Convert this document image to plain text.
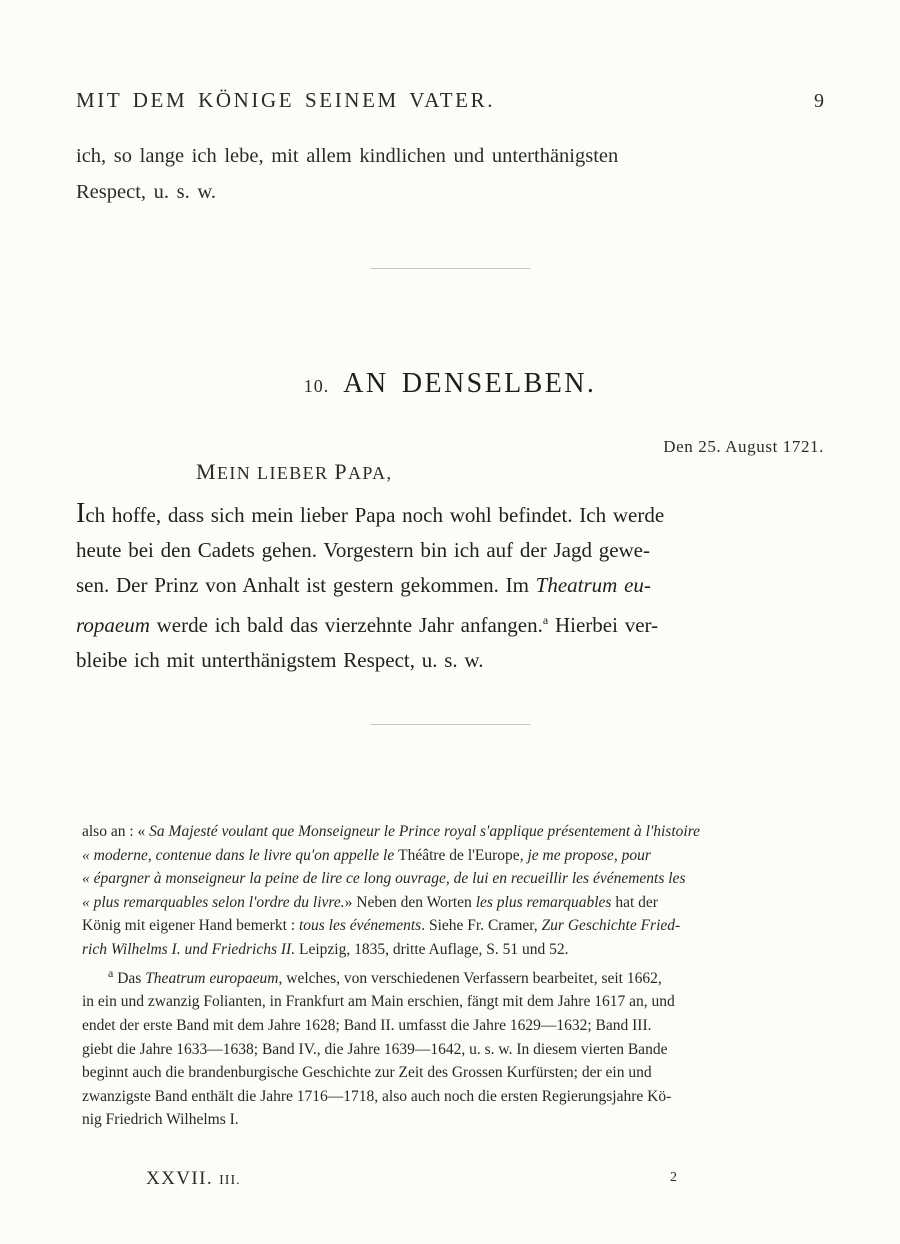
MIT DEM KÖNIGE SEINEM VATER.	9
ich, so lange ich lebe, mit allem kindlichen und unterthänigsten
Respect, u. s. w.
10. AN DENSELBEN.
Den 25. August 1721.
MEIN LIEBER PAPA,
Ich hoffe, dass sich mein lieber Papa noch wohl befindet. Ich werde
heute bei den Cadets gehen. Vorgestern bin ich auf der Jagd gewe-
sen. Der Prinz von Anhalt ist gestern gekommen. Im Theatrum eu-
ropaeum werde ich bald das vierzehnte Jahr anfangen.$^a$ Hierbei ver-
bleibe ich mit unterthänigstem Respect, u. s. w.

also an : « Sa Majesté voulant que Monseigneur le Prince royal s'applique présentement à l'histoire

« moderne, contenue dans le livre qu'on appelle le Théâtre de l'Europe, je me propose, pour

« épargner à monseigneur la peine de lire ce long ouvrage, de lui en recueillir les événements les

« plus remarquables selon l'ordre du livre.» Neben den Worten les plus remarquables hat der

König mit eigener Hand bemerkt : tous les événements. Siehe Fr. Cramer, Zur Geschichte Fried-

rich Wilhelms I. und Friedrichs II. Leipzig, 1835, dritte Auflage, S. 51 und 52.

$^a$ Das Theatrum europaeum, welches, von verschiedenen Verfassern bearbeitet, seit 1662,

in ein und zwanzig Folianten, in Frankfurt am Main erschien, fängt mit dem Jahre 1617 an, und

endet der erste Band mit dem Jahre 1628; Band II. umfasst die Jahre 1629—1632; Band III.

giebt die Jahre 1633—1638; Band IV., die Jahre 1639—1642, u. s. w. In diesem vierten Bande

beginnt auch die brandenburgische Geschichte zur Zeit des Grossen Kurfürsten; der ein und

zwanzigste Band enthält die Jahre 1716—1718, also auch noch die ersten Regierungsjahre Kö-

nig Friedrich Wilhelms I.

XXVII. III.	2
